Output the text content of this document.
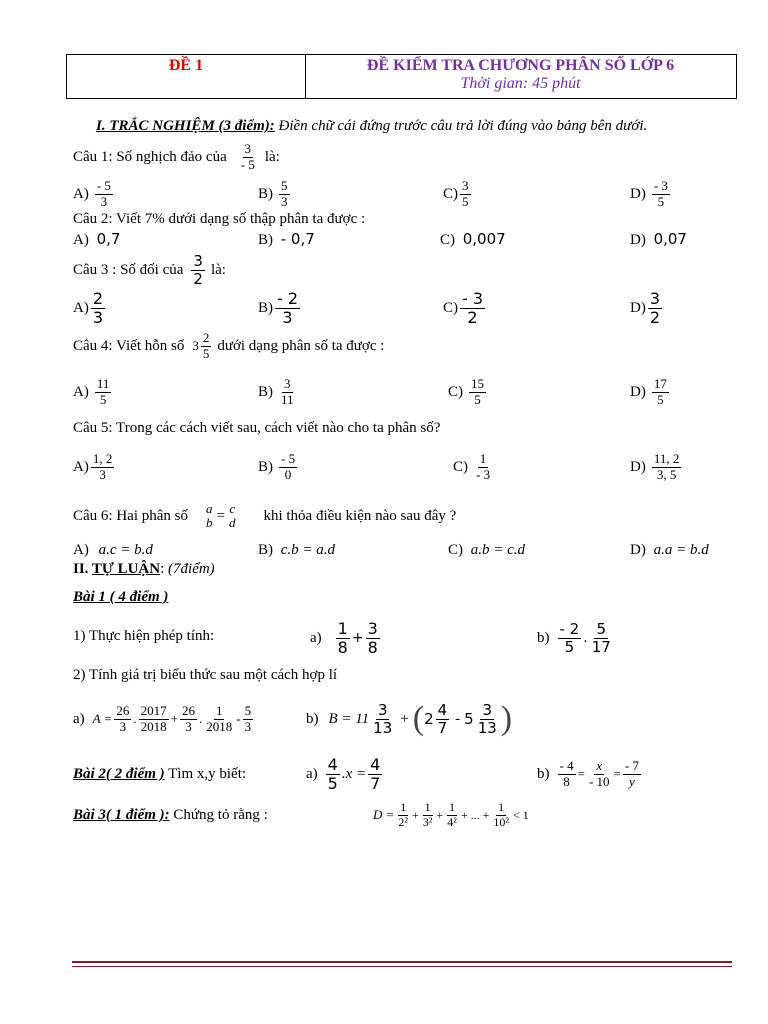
ĐỀ 1	ĐỀ KIỂM TRA CHƯƠNG PHÂN SỐ LỚP 6
Thời gian: 45 phút
I. TRẮC NGHIỆM (3 điểm): Điền chữ cái đứng trước câu trả lời đúng vào bảng bên dưới.
Câu 1: Số nghịch đảo của $\frac{3}{- 5}$ là:
$A) \frac{- 5}{3}$	$B) \frac{5}{3}$	$C) \frac{3}{5}$	$D) \frac{- 3}{5}$
Câu 2: Viết 7% dưới dạng số thập phân ta được :
A) 0,7	B) - 0,7	C) 0,007	D) 0,07
Câu 3 : Số đối của $\frac{3}{2}$ là:
$A) \frac{2}{3}$	$B) \frac{- 2}{3}$	$C) \frac{- 3}{2}$	$D) \frac{3}{2}$
Câu 4: Viết hỗn số $3 \frac{2}{5}$ dưới dạng phân số ta được :
$A) \frac{11}{5}$	$B) \frac{3}{11}$	$C) \frac{15}{5}$	$D) \frac{17}{5}$
Câu 5: Trong các cách viết sau, cách viết nào cho ta phân số?
$A) \frac{1, 2}{3}$	$B) \frac{- 5}{0}$	$C) \frac{1}{- 3}$	$D) \frac{11, 2}{3, 5}$
Câu 6: Hai phân số a
b = c
d khi thỏa điều kiện nào sau đây ?
A) a.c = b.d	B) c.b = a.d	C) a.b = c.d	D) a.a = b.d
II. TỰ LUẬN: (7điểm)
Bài 1 ( 4 điểm )
1) Thực hiện phép tính:	$a) \frac{1}{8} + \frac{3}{8}$	$b) \frac{- 2}{5}$ . $\frac{5}{17}$
2) Tính giá trị biểu thức sau một cách hợp lí
a) $A = \frac{26}{3}$ . $\frac{2017}{2018} + \frac{26}{3}$ . $\frac{1}{2018} - \frac{5}{3}$	b) $B = 11 \frac{3}{13}$ + ( $2 \frac{4}{7} - 5 \frac{3}{13}$ )
Bài 2( 2 điểm ) Tìm x,y biết:	$a) \frac{4}{5} .x = \frac{4}{7}$	$b) \frac{- 4}{8} = \frac{x}{- 10} = \frac{- 7}{y}$
Bài 3( 1 điểm ): Chứng tỏ rằng :	$D = \frac{1}{\text{2²}} + \frac{1}{\text{3²}} + \frac{1}{\text{4²}}$ + ... + $\frac{1}{\text{10²}} < 1$
